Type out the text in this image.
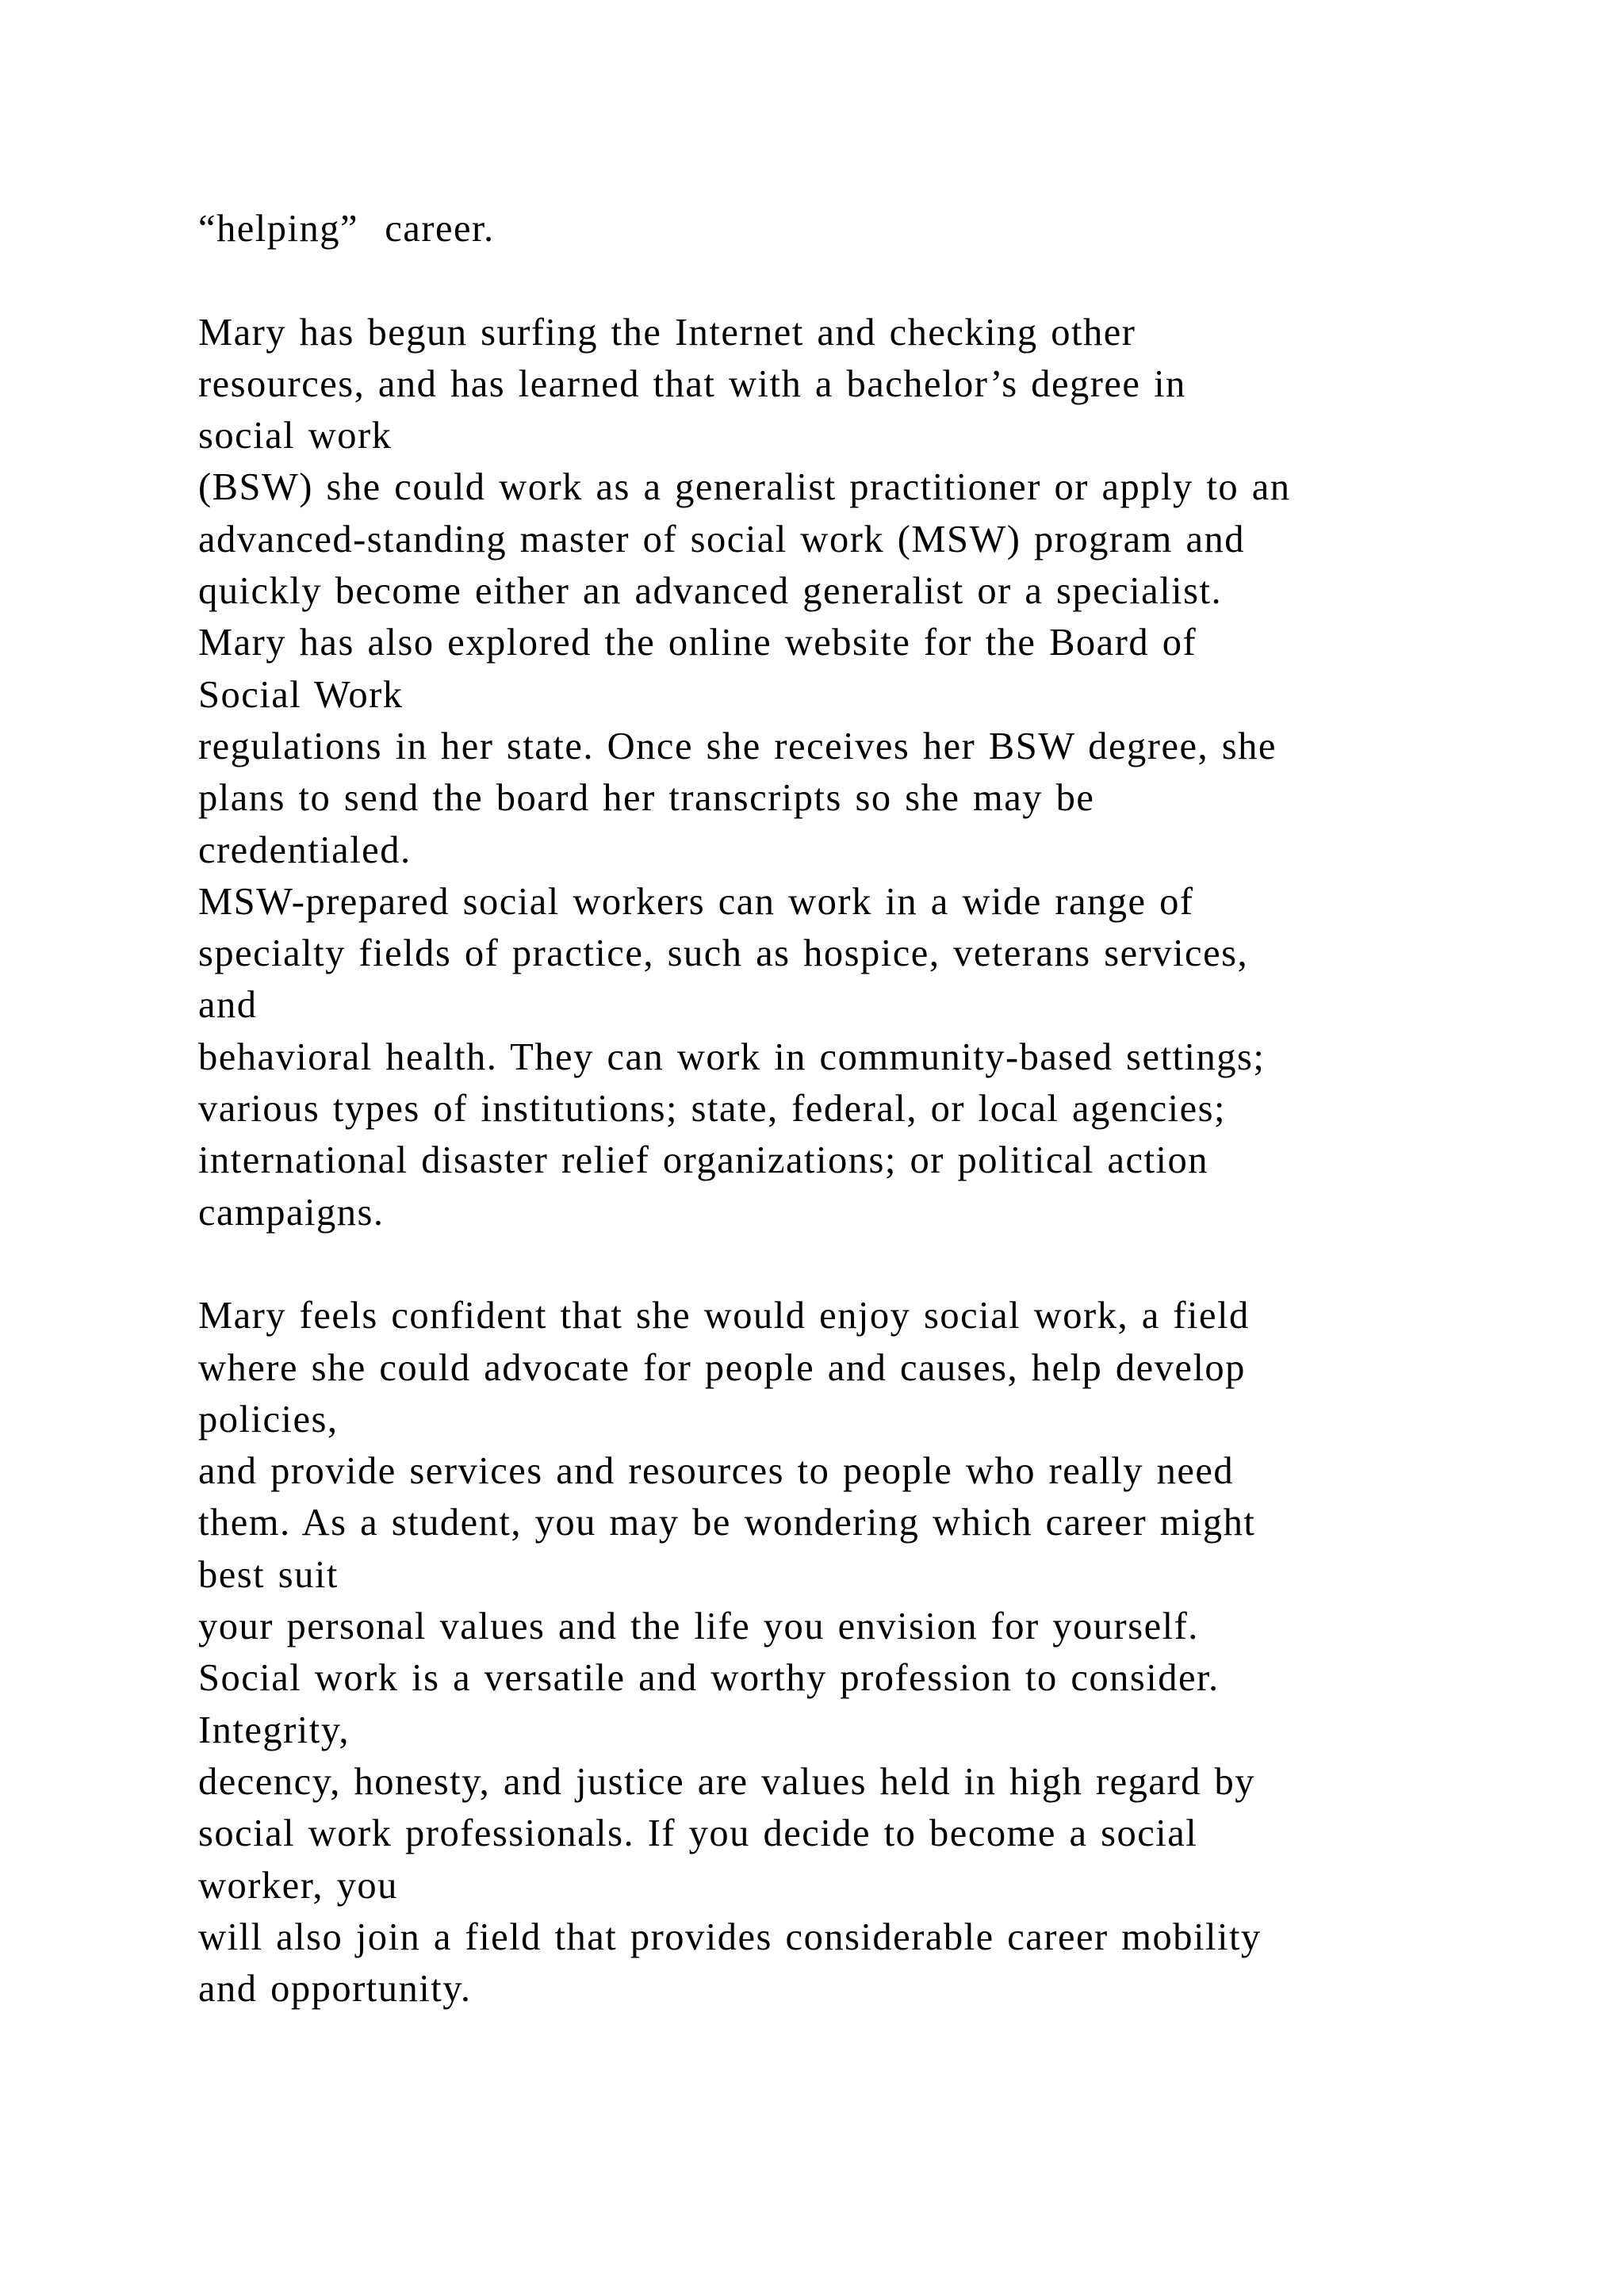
“helping”  career.
Mary has begun surfing the Internet and checking other
resources, and has learned that with a bachelor’s degree in
social work
(BSW) she could work as a generalist practitioner or apply to an
advanced-standing master of social work (MSW) program and
quickly become either an advanced generalist or a specialist.
Mary has also explored the online website for the Board of
Social Work
regulations in her state. Once she receives her BSW degree, she
plans to send the board her transcripts so she may be
credentialed.
MSW-prepared social workers can work in a wide range of
specialty fields of practice, such as hospice, veterans services,
and
behavioral health. They can work in community-based settings;
various types of institutions; state, federal, or local agencies;
international disaster relief organizations; or political action
campaigns.
Mary feels confident that she would enjoy social work, a field
where she could advocate for people and causes, help develop
policies,
and provide services and resources to people who really need
them. As a student, you may be wondering which career might
best suit
your personal values and the life you envision for yourself.
Social work is a versatile and worthy profession to consider.
Integrity,
decency, honesty, and justice are values held in high regard by
social work professionals. If you decide to become a social
worker, you
will also join a field that provides considerable career mobility
and opportunity.
